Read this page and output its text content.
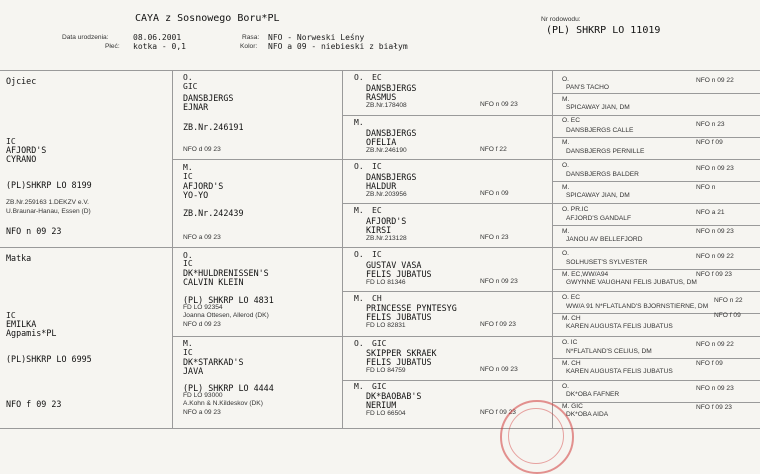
CAYA z Sosnowego Boru*PL
Data urodzenia:	08.06.2001
Płeć: kotka - 0,1
Rasa: NFO - Norweski Leśny
Kolor: NFO a 09 - niebieski z białym
Nr rodowodu:
(PL) SHKRP LO 11019
Ojciec
IC
AFJORD'S
CYRANO
(PL)SHKRP LO 8199
ZB.Nr.259163 1.DEKZV e.V.
U.Braunar-Hanau, Essen (D)
NFO n 09 23
Matka
IC
EMILKA
Agpamis*PL
(PL)SHKRP LO 6995
NFO f 09 23
O.
GIC
DANSBJERGS
EJNAR
ZB.Nr.246191
NFO d 09 23
M.
IC
AFJORD'S
YO-YO
ZB.Nr.242439
NFO a 09 23
O.
IC
DK*HULDRENISSEN'S
CALVIN KLEIN
(PL) SHKRP LO 4831
FD LO 92354
Joanna Ottesen, Allerod (DK)
NFO d 09 23
M.
IC
DK*STARKAD'S
JAVA
(PL) SHKRP LO 4444
FD LO 93000
A.Kohn & N.Kildeskov (DK)
NFO a 09 23
O. EC
DANSBJERGS
RASMUS
ZB.Nr.178408	NFO n 09 23
M.
DANSBJERGS
OFELIA
ZB.Nr.246190	NFO f 22
O. IC
DANSBJERGS
HALDUR
ZB.Nr.203956	NFO n 09
M. EC
AFJORD'S
KIRSI
ZB.Nr.213128	NFO n 23
O. IC
GUSTAV VASA
FELIS JUBATUS
FD LO 81346	NFO n 09 23
M. CH
PRINCESSE PYNTESYG
FELIS JUBATUS
FD LO 82831	NFO f 09 23
O. GIC
SKIPPER SKRAEK
FELIS JUBATUS
FD LO 84759	NFO n 09 23
M. GIC
DK*BAOBAB'S
NERIUM
FD LO 66504	NFO f 09 23
O.
PAN'S TACHO
NFO n 09 22
M.
SPICAWAY JIAN, DM
O. EC
DANSBJERGS CALLE
NFO n 23
M.
DANSBJERGS PERNILLE
NFO f 09
O.
DANSBJERGS BALDER
NFO n 09 23
M.
SPICAWAY JIAN, DM
NFO n
O. PR.IC
AFJORD'S GANDALF
NFO a 21
M.
JANOU AV BELLEFJORD
NFO n 09 23
O.
SOLHUSET'S SYLVESTER
NFO n 09 22
M. EC,WW/A94
GWYNNE VAUGHANI FELIS JUBATUS, DM
NFO f 09 23
O. EC
WW/A 91 N*FLATLAND'S BJORNSTIERNE, DM
NFO n 22
M. CH
KAREN AUGUSTA FELIS JUBATUS
NFO f 09
O. IC
N*FLATLAND'S CELIUS, DM
NFO n 09 22
M. CH
KAREN AUGUSTA FELIS JUBATUS
NFO f 09
O.
DK*OBA FAFNER
NFO n 09 23
M. GIC
DK*OBA AIDA
NFO f 09 23
